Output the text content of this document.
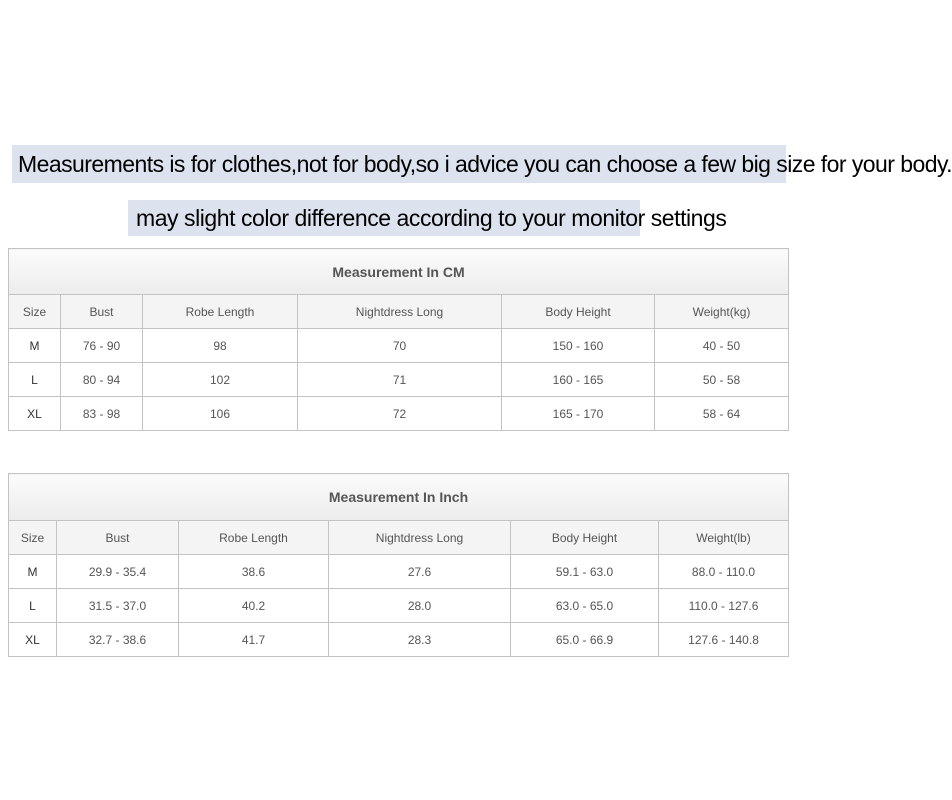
Measurements is for clothes,not for body,so i advice you can choose a few big size for your body.
may slight color difference according to your monitor settings
Measurement In CM					
Size	Bust	Robe Length	Nightdress Long	Body Height	Weight(kg)
M	76 - 90	98	70	150 - 160	40 - 50
L	80 - 94	102	71	160 - 165	50 - 58
XL	83 - 98	106	72	165 - 170	58 - 64
Measurement In Inch					
Size	Bust	Robe Length	Nightdress Long	Body Height	Weight(lb)
M	29.9 - 35.4	38.6	27.6	59.1 - 63.0	88.0 - 110.0
L	31.5 - 37.0	40.2	28.0	63.0 - 65.0	110.0 - 127.6
XL	32.7 - 38.6	41.7	28.3	65.0 - 66.9	127.6 - 140.8
